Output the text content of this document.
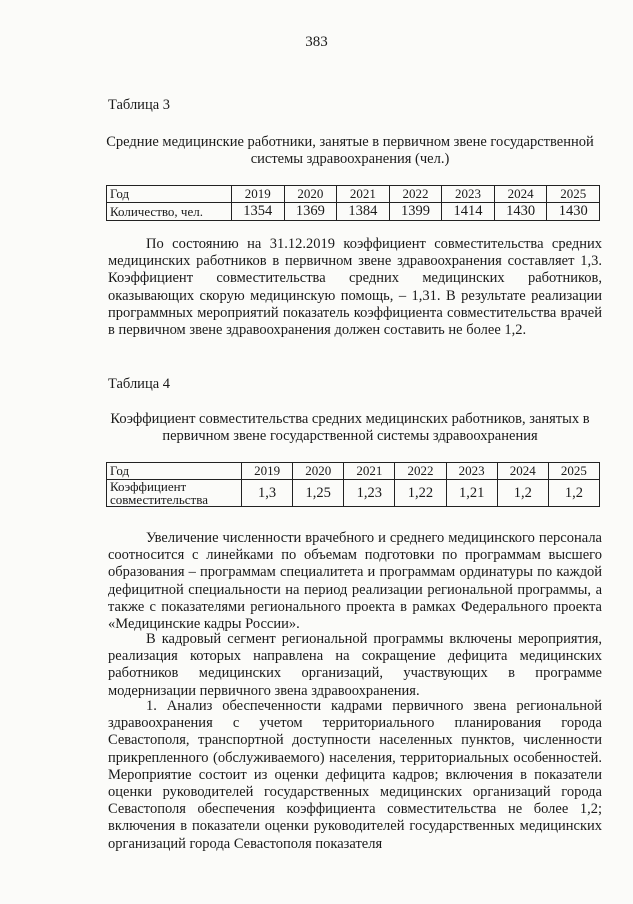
383
Таблица 3
Средние медицинские работники, занятые в первичном звене государственной системы здравоохранения (чел.)
Год	2019	2020	2021	2022	2023	2024	2025
Количество, чел.	1354	1369	1384	1399	1414	1430	1430

По состоянию на 31.12.2019 коэффициент совместительства средних медицинских работников в первичном звене здравоохранения составляет 1,3. Коэффициент совместительства средних медицинских работников, оказывающих скорую медицинскую помощь, – 1,31. В результате реализации программных мероприятий показатель коэффициента совместительства врачей в первичном звене здравоохранения должен составить не более 1,2.

Таблица 4
Коэффициент совместительства средних медицинских работников, занятых в первичном звене государственной системы здравоохранения
Год	2019	2020	2021	2022	2023	2024	2025
Коэффициент совместительства	1,3	1,25	1,23	1,22	1,21	1,2	1,2

Увеличение численности врачебного и среднего медицинского персонала соотносится с линейками по объемам подготовки по программам высшего образования – программам специалитета и программам ординатуры по каждой дефицитной специальности на период реализации региональной программы, а также с показателями регионального проекта в рамках Федерального проекта «Медицинские кадры России».

В кадровый сегмент региональной программы включены мероприятия, реализация которых направлена на сокращение дефицита медицинских работников медицинских организаций, участвующих в программе модернизации первичного звена здравоохранения.

1. Анализ обеспеченности кадрами первичного звена региональной здравоохранения с учетом территориального планирования города Севастополя, транспортной доступности населенных пунктов, численности прикрепленного (обслуживаемого) населения, территориальных особенностей. Мероприятие состоит из оценки дефицита кадров; включения в показатели оценки руководителей государственных медицинских организаций города Севастополя обеспечения коэффициента совместительства не более 1,2; включения в показатели оценки руководителей государственных медицинских организаций города Севастополя показателя
